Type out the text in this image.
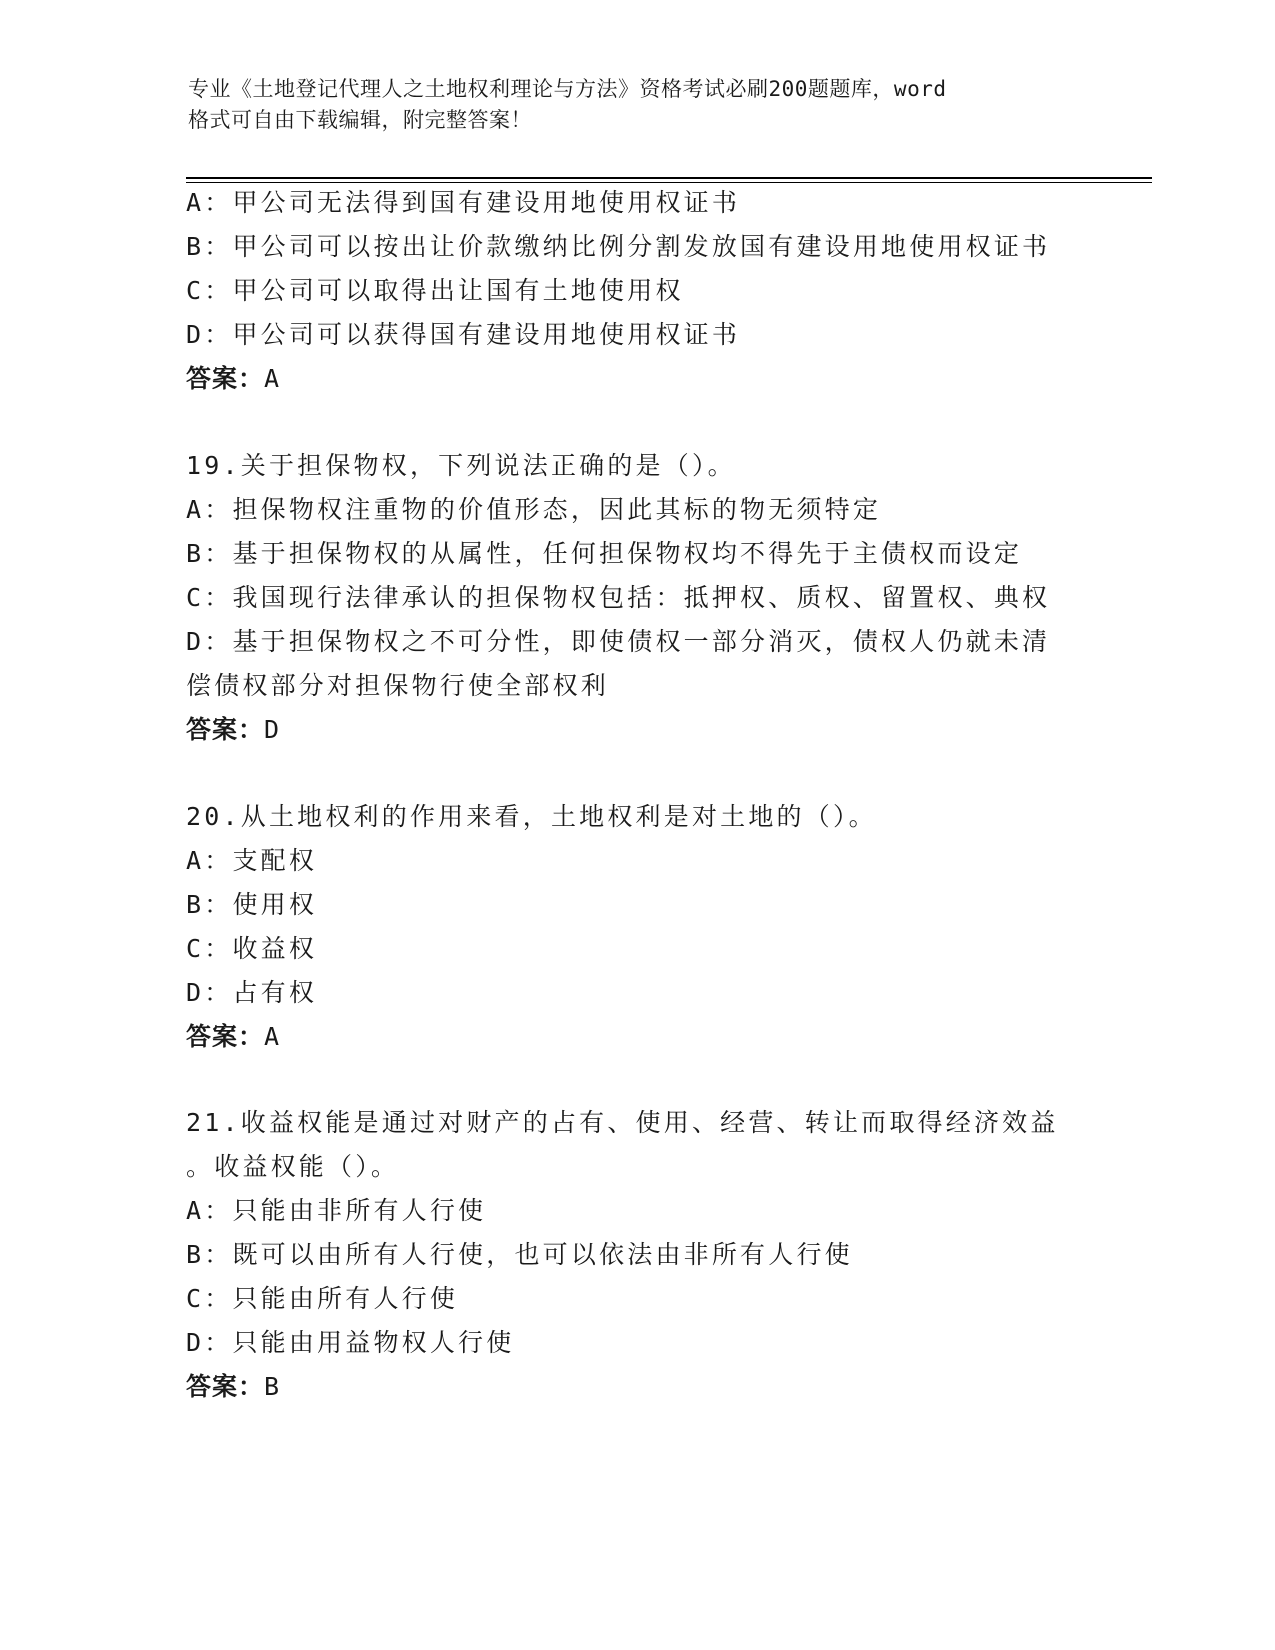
专业《土地登记代理人之土地权利理论与方法》资格考试必刷200题题库，word
格式可自由下载编辑，附完整答案！
A：甲公司无法得到国有建设用地使用权证书
B：甲公司可以按出让价款缴纳比例分割发放国有建设用地使用权证书
C：甲公司可以取得出让国有土地使用权
D：甲公司可以获得国有建设用地使用权证书
答案：A
19.关于担保物权，下列说法正确的是（）。
A：担保物权注重物的价值形态，因此其标的物无须特定
B：基于担保物权的从属性，任何担保物权均不得先于主债权而设定
C：我国现行法律承认的担保物权包括：抵押权、质权、留置权、典权
D：基于担保物权之不可分性，即使债权一部分消灭，债权人仍就未清
偿债权部分对担保物行使全部权利
答案：D
20.从土地权利的作用来看，土地权利是对土地的（）。
A：支配权
B：使用权
C：收益权
D：占有权
答案：A
21.收益权能是通过对财产的占有、使用、经营、转让而取得经济效益
。收益权能（）。
A：只能由非所有人行使
B：既可以由所有人行使，也可以依法由非所有人行使
C：只能由所有人行使
D：只能由用益物权人行使
答案：B
